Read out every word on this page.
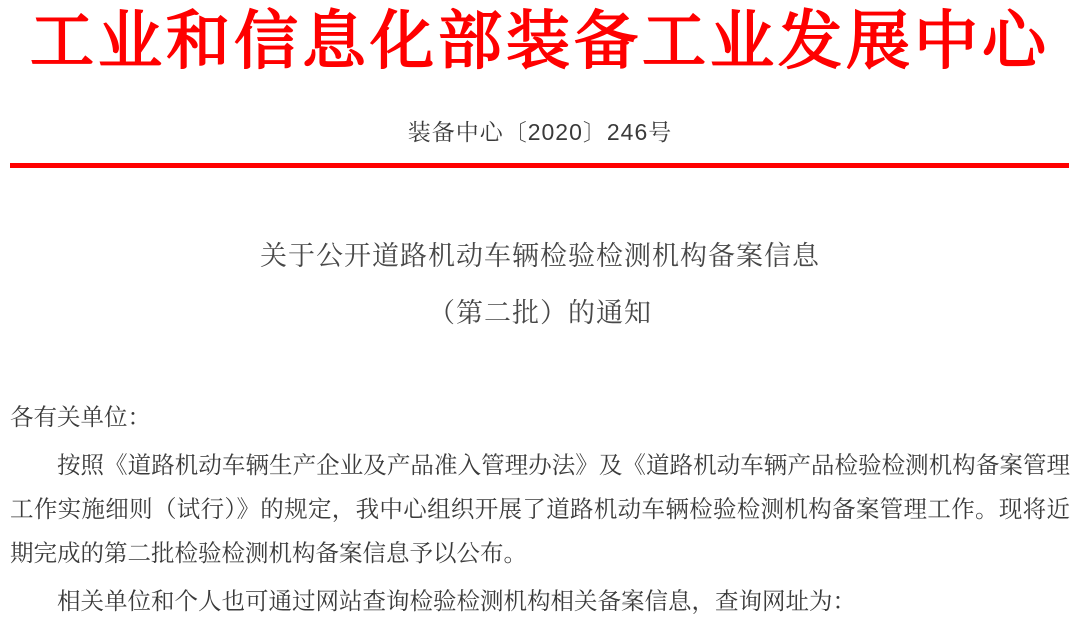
工业和信息化部装备工业发展中心
装备中心〔2020〕246号
关于公开道路机动车辆检验检测机构备案信息
（第二批）的通知

各有关单位：

按照《道路机动车辆生产企业及产品准入管理办法》及《道路机动车辆产品检验检测机构备案管理工作实施细则（试行）》的规定，我中心组织开展了道路机动车辆检验检测机构备案管理工作。现将近期完成的第二批检验检测机构备案信息予以公布。

相关单位和个人也可通过网站查询检验检测机构相关备案信息，查询网址为：
